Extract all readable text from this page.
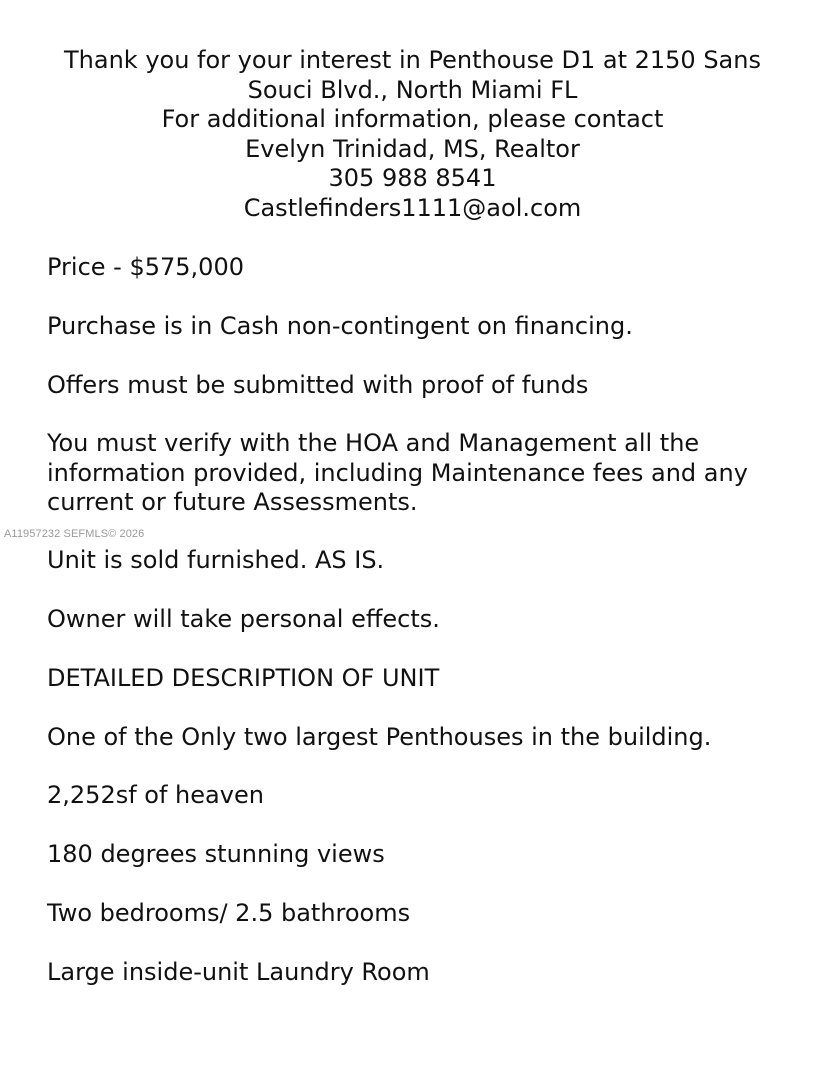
Thank you for your interest in Penthouse D1 at 2150 Sans
Souci Blvd., North Miami FL
For additional information, please contact
Evelyn Trinidad, MS, Realtor
305 988 8541
Castlefinders1111@aol.com
Price - $575,000
Purchase is in Cash non-contingent on financing.
Offers must be submitted with proof of funds
You must verify with the HOA and Management all the
information provided, including Maintenance fees and any
current or future Assessments.
A11957232 SEFMLS© 2026
Unit is sold furnished. AS IS.
Owner will take personal effects.
DETAILED DESCRIPTION OF UNIT
One of the Only two largest Penthouses in the building.
2,252sf of heaven
180 degrees stunning views
Two bedrooms/ 2.5 bathrooms
Large inside-unit Laundry Room
